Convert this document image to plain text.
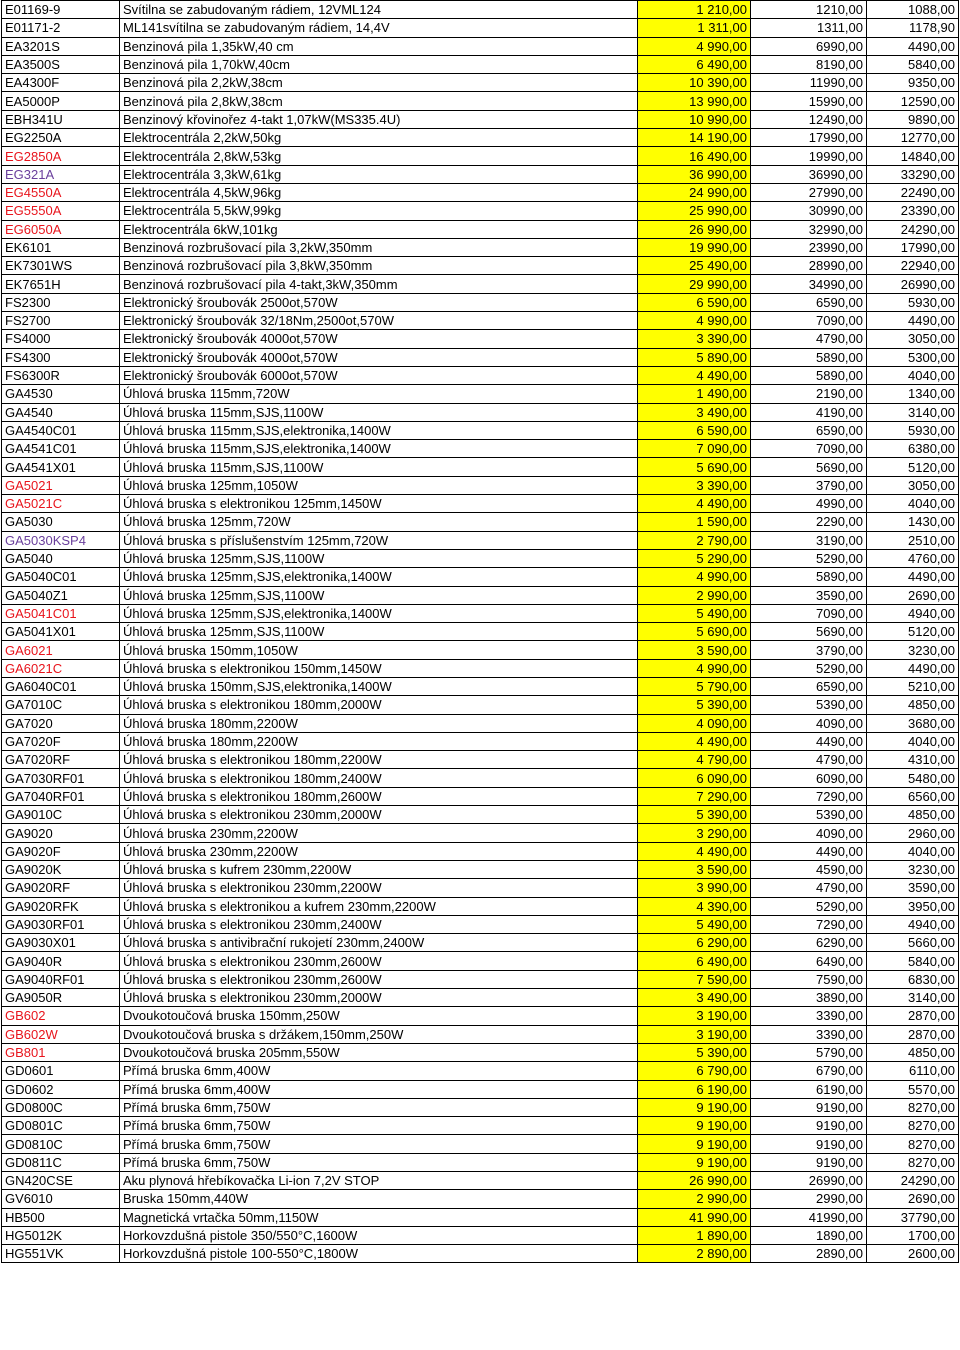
E01169-9	Svítilna se zabudovaným rádiem, 12VML124	1 210,00	1210,00	1088,00
E01171-2	ML141svítilna se zabudovaným rádiem, 14,4V	1 311,00	1311,00	1178,90
EA3201S	Benzinová pila 1,35kW,40 cm	4 990,00	6990,00	4490,00
EA3500S	Benzinová pila 1,70kW,40cm	6 490,00	8190,00	5840,00
EA4300F	Benzinová pila 2,2kW,38cm	10 390,00	11990,00	9350,00
EA5000P	Benzinová pila 2,8kW,38cm	13 990,00	15990,00	12590,00
EBH341U	Benzinový křovinořez 4-takt 1,07kW(MS335.4U)	10 990,00	12490,00	9890,00
EG2250A	Elektrocentrála 2,2kW,50kg	14 190,00	17990,00	12770,00
EG2850A	Elektrocentrála 2,8kW,53kg	16 490,00	19990,00	14840,00
EG321A	Elektrocentrála 3,3kW,61kg	36 990,00	36990,00	33290,00
EG4550A	Elektrocentrála 4,5kW,96kg	24 990,00	27990,00	22490,00
EG5550A	Elektrocentrála 5,5kW,99kg	25 990,00	30990,00	23390,00
EG6050A	Elektrocentrála 6kW,101kg	26 990,00	32990,00	24290,00
EK6101	Benzinová rozbrušovací pila 3,2kW,350mm	19 990,00	23990,00	17990,00
EK7301WS	Benzinová rozbrušovací pila 3,8kW,350mm	25 490,00	28990,00	22940,00
EK7651H	Benzinová rozbrušovací pila 4-takt,3kW,350mm	29 990,00	34990,00	26990,00
FS2300	Elektronický šroubovák 2500ot,570W	6 590,00	6590,00	5930,00
FS2700	Elektronický šroubovák 32/18Nm,2500ot,570W	4 990,00	7090,00	4490,00
FS4000	Elektronický šroubovák 4000ot,570W	3 390,00	4790,00	3050,00
FS4300	Elektronický šroubovák 4000ot,570W	5 890,00	5890,00	5300,00
FS6300R	Elektronický šroubovák 6000ot,570W	4 490,00	5890,00	4040,00
GA4530	Úhlová bruska 115mm,720W	1 490,00	2190,00	1340,00
GA4540	Úhlová bruska 115mm,SJS,1100W	3 490,00	4190,00	3140,00
GA4540C01	Úhlová bruska 115mm,SJS,elektronika,1400W	6 590,00	6590,00	5930,00
GA4541C01	Úhlová bruska 115mm,SJS,elektronika,1400W	7 090,00	7090,00	6380,00
GA4541X01	Úhlová bruska 115mm,SJS,1100W	5 690,00	5690,00	5120,00
GA5021	Úhlová bruska 125mm,1050W	3 390,00	3790,00	3050,00
GA5021C	Úhlová bruska s elektronikou 125mm,1450W	4 490,00	4990,00	4040,00
GA5030	Úhlová bruska 125mm,720W	1 590,00	2290,00	1430,00
GA5030KSP4	Úhlová bruska s příslušenstvím 125mm,720W	2 790,00	3190,00	2510,00
GA5040	Úhlová bruska 125mm,SJS,1100W	5 290,00	5290,00	4760,00
GA5040C01	Úhlová bruska 125mm,SJS,elektronika,1400W	4 990,00	5890,00	4490,00
GA5040Z1	Úhlová bruska 125mm,SJS,1100W	2 990,00	3590,00	2690,00
GA5041C01	Úhlová bruska 125mm,SJS,elektronika,1400W	5 490,00	7090,00	4940,00
GA5041X01	Úhlová bruska 125mm,SJS,1100W	5 690,00	5690,00	5120,00
GA6021	Úhlová bruska 150mm,1050W	3 590,00	3790,00	3230,00
GA6021C	Úhlová bruska s elektronikou 150mm,1450W	4 990,00	5290,00	4490,00
GA6040C01	Úhlová bruska 150mm,SJS,elektronika,1400W	5 790,00	6590,00	5210,00
GA7010C	Úhlová bruska s elektronikou 180mm,2000W	5 390,00	5390,00	4850,00
GA7020	Úhlová bruska 180mm,2200W	4 090,00	4090,00	3680,00
GA7020F	Úhlová bruska 180mm,2200W	4 490,00	4490,00	4040,00
GA7020RF	Úhlová bruska s elektronikou 180mm,2200W	4 790,00	4790,00	4310,00
GA7030RF01	Úhlová bruska s elektronikou 180mm,2400W	6 090,00	6090,00	5480,00
GA7040RF01	Úhlová bruska s elektronikou 180mm,2600W	7 290,00	7290,00	6560,00
GA9010C	Úhlová bruska s elektronikou 230mm,2000W	5 390,00	5390,00	4850,00
GA9020	Úhlová bruska 230mm,2200W	3 290,00	4090,00	2960,00
GA9020F	Úhlová bruska 230mm,2200W	4 490,00	4490,00	4040,00
GA9020K	Úhlová bruska s kufrem 230mm,2200W	3 590,00	4590,00	3230,00
GA9020RF	Úhlová bruska s elektronikou 230mm,2200W	3 990,00	4790,00	3590,00
GA9020RFK	Úhlová bruska s elektronikou a kufrem 230mm,2200W	4 390,00	5290,00	3950,00
GA9030RF01	Úhlová bruska s elektronikou 230mm,2400W	5 490,00	7290,00	4940,00
GA9030X01	Úhlová bruska s antivibrační rukojetí 230mm,2400W	6 290,00	6290,00	5660,00
GA9040R	Úhlová bruska s elektronikou 230mm,2600W	6 490,00	6490,00	5840,00
GA9040RF01	Úhlová bruska s elektronikou 230mm,2600W	7 590,00	7590,00	6830,00
GA9050R	Úhlová bruska s elektronikou 230mm,2000W	3 490,00	3890,00	3140,00
GB602	Dvoukotoučová bruska 150mm,250W	3 190,00	3390,00	2870,00
GB602W	Dvoukotoučová bruska s držákem,150mm,250W	3 190,00	3390,00	2870,00
GB801	Dvoukotoučová bruska 205mm,550W	5 390,00	5790,00	4850,00
GD0601	Přímá bruska 6mm,400W	6 790,00	6790,00	6110,00
GD0602	Přímá bruska 6mm,400W	6 190,00	6190,00	5570,00
GD0800C	Přímá bruska 6mm,750W	9 190,00	9190,00	8270,00
GD0801C	Přímá bruska 6mm,750W	9 190,00	9190,00	8270,00
GD0810C	Přímá bruska 6mm,750W	9 190,00	9190,00	8270,00
GD0811C	Přímá bruska 6mm,750W	9 190,00	9190,00	8270,00
GN420CSE	Aku plynová hřebíkovačka Li-ion 7,2V STOP	26 990,00	26990,00	24290,00
GV6010	Bruska 150mm,440W	2 990,00	2990,00	2690,00
HB500	Magnetická vrtačka 50mm,1150W	41 990,00	41990,00	37790,00
HG5012K	Horkovzdušná pistole 350/550°C,1600W	1 890,00	1890,00	1700,00
HG551VK	Horkovzdušná pistole 100-550°C,1800W	2 890,00	2890,00	2600,00
